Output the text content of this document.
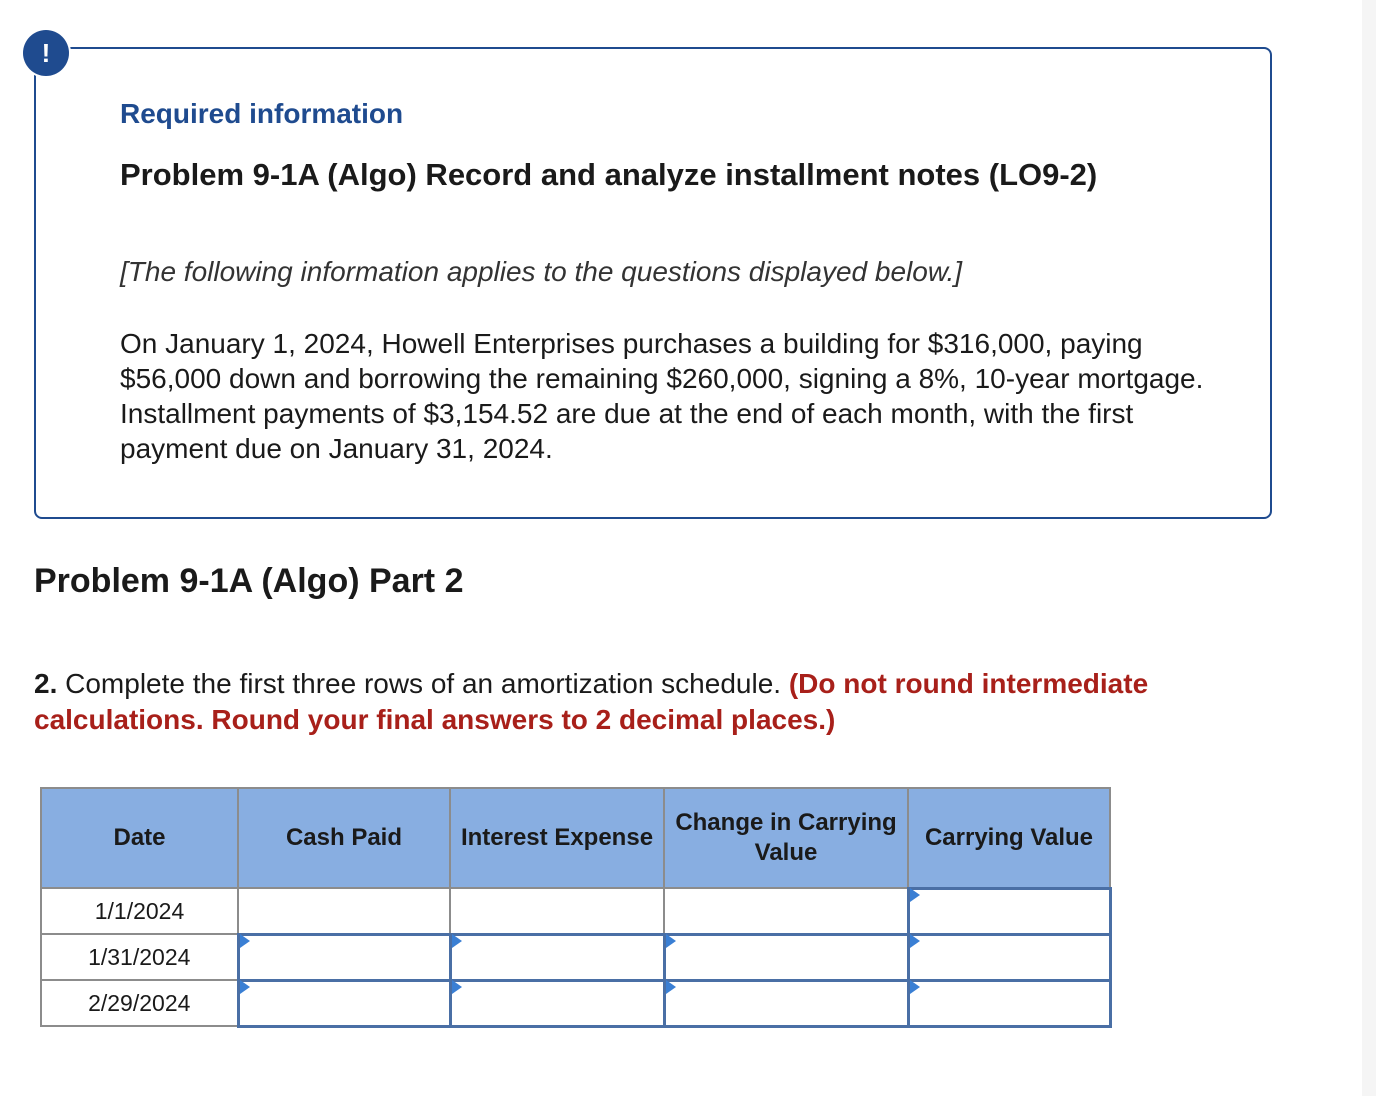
!
Required information
Problem 9-1A (Algo) Record and analyze installment notes (LO9-2)
[The following information applies to the questions displayed below.]
On January 1, 2024, Howell Enterprises purchases a building for $316,000, paying $56,000 down and borrowing the remaining $260,000, signing a 8%, 10-year mortgage. Installment payments of $3,154.52 are due at the end of each month, with the first payment due on January 31, 2024.
Problem 9-1A (Algo) Part 2
2. Complete the first three rows of an amortization schedule. (Do not round intermediate calculations. Round your final answers to 2 decimal places.)
Date	Cash Paid	Interest Expense	Change in Carrying Value	Carrying Value
1/1/2024				

1/31/2024	

2/29/2024	
